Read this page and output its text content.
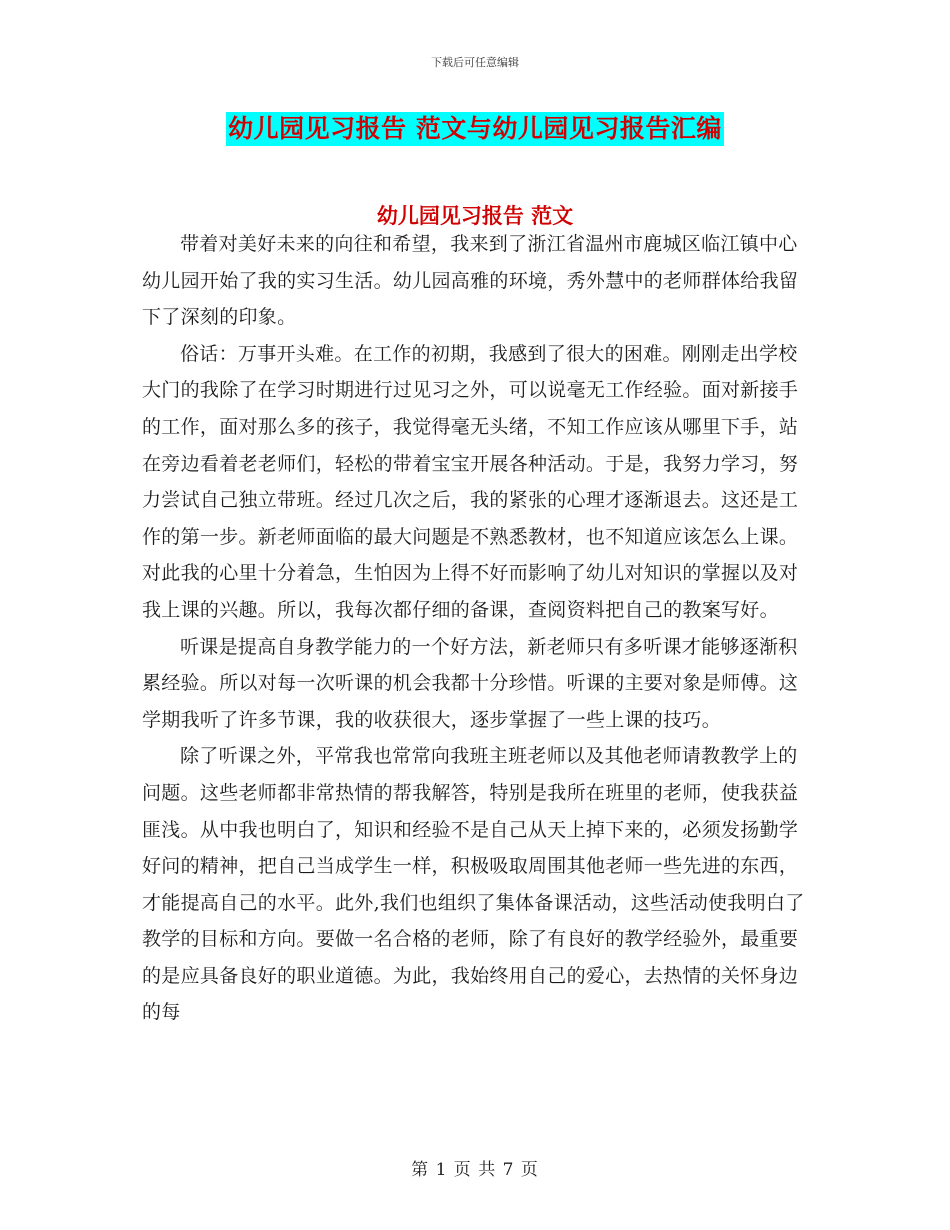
下载后可任意编辑
幼儿园见习报告 范文与幼儿园见习报告汇编
幼儿园见习报告 范文

带着对美好未来的向往和希望，我来到了浙江省温州市鹿城区临江镇中心幼儿园开始了我的实习生活。幼儿园高雅的环境，秀外慧中的老师群体给我留下了深刻的印象。

俗话：万事开头难。在工作的初期，我感到了很大的困难。刚刚走出学校大门的我除了在学习时期进行过见习之外，可以说毫无工作经验。面对新接手的工作，面对那么多的孩子，我觉得毫无头绪，不知工作应该从哪里下手，站在旁边看着老老师们，轻松的带着宝宝开展各种活动。于是，我努力学习，努力尝试自己独立带班。经过几次之后，我的紧张的心理才逐渐退去。这还是工作的第一步。新老师面临的最大问题是不熟悉教材，也不知道应该怎么上课。对此我的心里十分着急，生怕因为上得不好而影响了幼儿对知识的掌握以及对我上课的兴趣。所以，我每次都仔细的备课，查阅资料把自己的教案写好。

听课是提高自身教学能力的一个好方法，新老师只有多听课才能够逐渐积累经验。所以对每一次听课的机会我都十分珍惜。听课的主要对象是师傅。这学期我听了许多节课，我的收获很大，逐步掌握了一些上课的技巧。

除了听课之外，平常我也常常向我班主班老师以及其他老师请教教学上的问题。这些老师都非常热情的帮我解答，特别是我所在班里的老师，使我获益匪浅。从中我也明白了，知识和经验不是自己从天上掉下来的，必须发扬勤学好问的精神，把自己当成学生一样，积极吸取周围其他老师一些先进的东西，才能提高自己的水平。此外,我们也组织了集体备课活动，这些活动使我明白了教学的目标和方向。要做一名合格的老师，除了有良好的教学经验外，最重要的是应具备良好的职业道德。为此，我始终用自己的爱心，去热情的关怀身边的每

第 1 页 共 7 页
